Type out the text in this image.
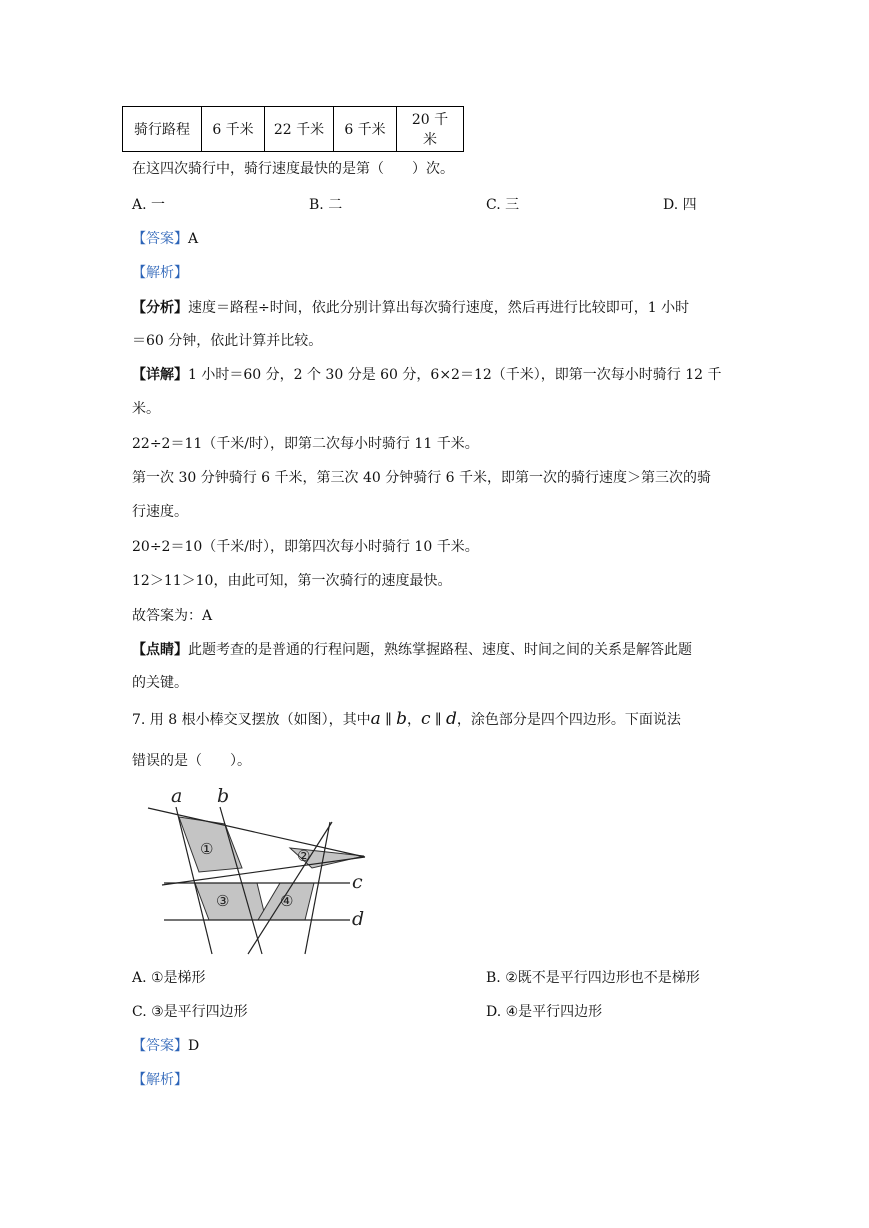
骑行路程	6 千米	22 千米	6 千米	20 千米
在这四次骑行中，骑行速度最快的是第（　　）次。
A. 一	B. 二	C. 三	D. 四
【答案】A
【解析】
【分析】速度＝路程÷时间，依此分别计算出每次骑行速度，然后再进行比较即可，1 小时
＝60 分钟，依此计算并比较。
【详解】1 小时＝60 分，2 个 30 分是 60 分，6×2＝12（千米），即第一次每小时骑行 12 千
米。
22÷2＝11（千米/时），即第二次每小时骑行 11 千米。
第一次 30 分钟骑行 6 千米，第三次 40 分钟骑行 6 千米，即第一次的骑行速度＞第三次的骑
行速度。
20÷2＝10（千米/时），即第四次每小时骑行 10 千米。
12＞11＞10，由此可知，第一次骑行的速度最快。
故答案为：A
【点睛】此题考查的是普通的行程问题，熟练掌握路程、速度、时间之间的关系是解答此题
的关键。
7. 用 8 根小棒交叉摆放（如图），其中a ∥ b，c ∥ d，涂色部分是四个四边形。下面说法
错误的是（　　）。
a b
c
d
①	②
③	④
A. ①是梯形	B. ②既不是平行四边形也不是梯形
C. ③是平行四边形	D. ④是平行四边形
【答案】D
【解析】
